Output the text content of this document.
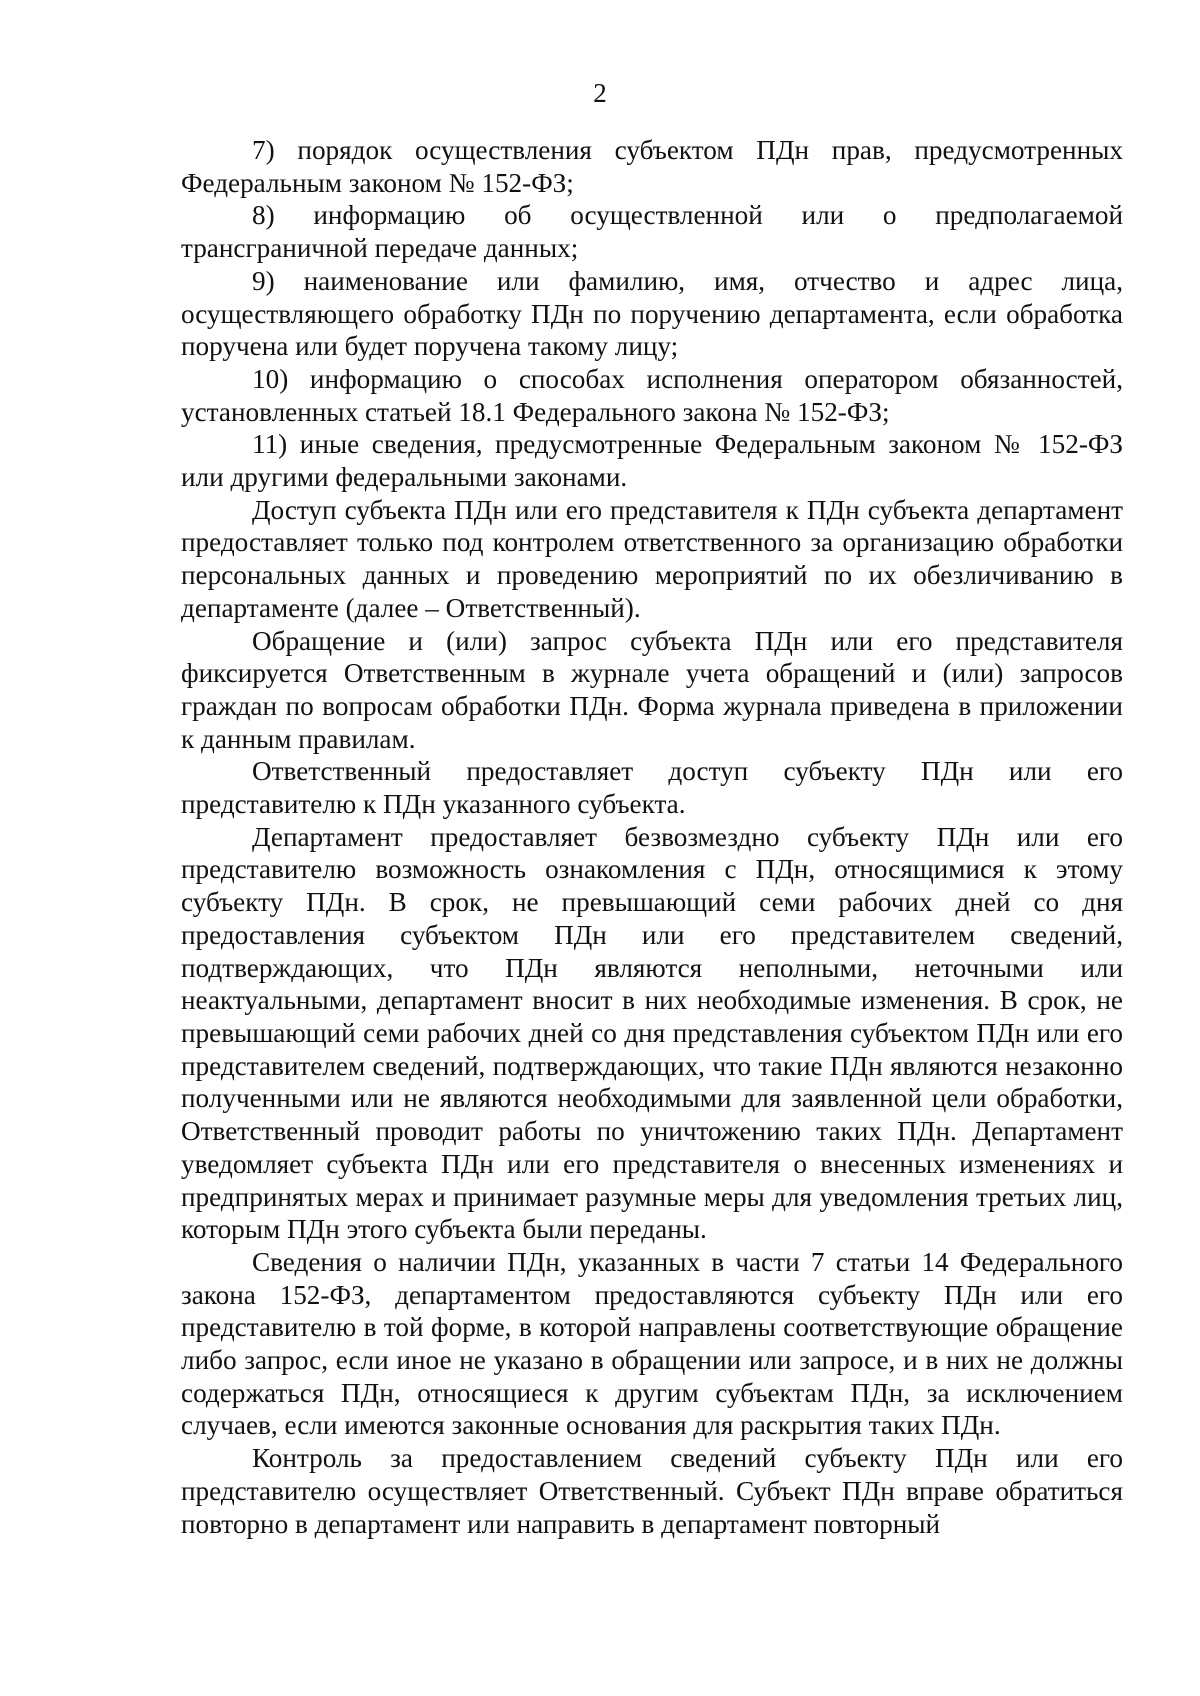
2

7) порядок осуществления субъектом ПДн прав, предусмотренных Федеральным законом № 152-ФЗ;

8) информацию об осуществленной или о предполагаемой трансграничной передаче данных;

9) наименование или фамилию, имя, отчество и адрес лица, осуществляющего обработку ПДн по поручению департамента, если обработка поручена или будет поручена такому лицу;

10) информацию о способах исполнения оператором обязанностей, установленных статьей 18.1 Федерального закона № 152-ФЗ;

11) иные сведения, предусмотренные Федеральным законом № 152-ФЗ или другими федеральными законами.

Доступ субъекта ПДн или его представителя к ПДн субъекта департамент предоставляет только под контролем ответственного за организацию обработки персональных данных и проведению мероприятий по их обезличиванию в департаменте (далее – Ответственный).

Обращение и (или) запрос субъекта ПДн или его представителя фиксируется Ответственным в журнале учета обращений и (или) запросов граждан по вопросам обработки ПДн. Форма журнала приведена в приложении к данным правилам.

Ответственный предоставляет доступ субъекту ПДн или его представителю к ПДн указанного субъекта.

Департамент предоставляет безвозмездно субъекту ПДн или его представителю возможность ознакомления с ПДн, относящимися к этому субъекту ПДн. В срок, не превышающий семи рабочих дней со дня предоставления субъектом ПДн или его представителем сведений, подтверждающих, что ПДн являются неполными, неточными или неактуальными, департамент вносит в них необходимые изменения. В срок, не превышающий семи рабочих дней со дня представления субъектом ПДн или его представителем сведений, подтверждающих, что такие ПДн являются незаконно полученными или не являются необходимыми для заявленной цели обработки, Ответственный проводит работы по уничтожению таких ПДн. Департамент уведомляет субъекта ПДн или его представителя о внесенных изменениях и предпринятых мерах и принимает разумные меры для уведомления третьих лиц, которым ПДн этого субъекта были переданы.

Сведения о наличии ПДн, указанных в части 7 статьи 14 Федерального закона 152-ФЗ, департаментом предоставляются субъекту ПДн или его представителю в той форме, в которой направлены соответствующие обращение либо запрос, если иное не указано в обращении или запросе, и в них не должны содержаться ПДн, относящиеся к другим субъектам ПДн, за исключением случаев, если имеются законные основания для раскрытия таких ПДн.

Контроль за предоставлением сведений субъекту ПДн или его представителю осуществляет Ответственный. Субъект ПДн вправе обратиться повторно в департамент или направить в департамент повторный
